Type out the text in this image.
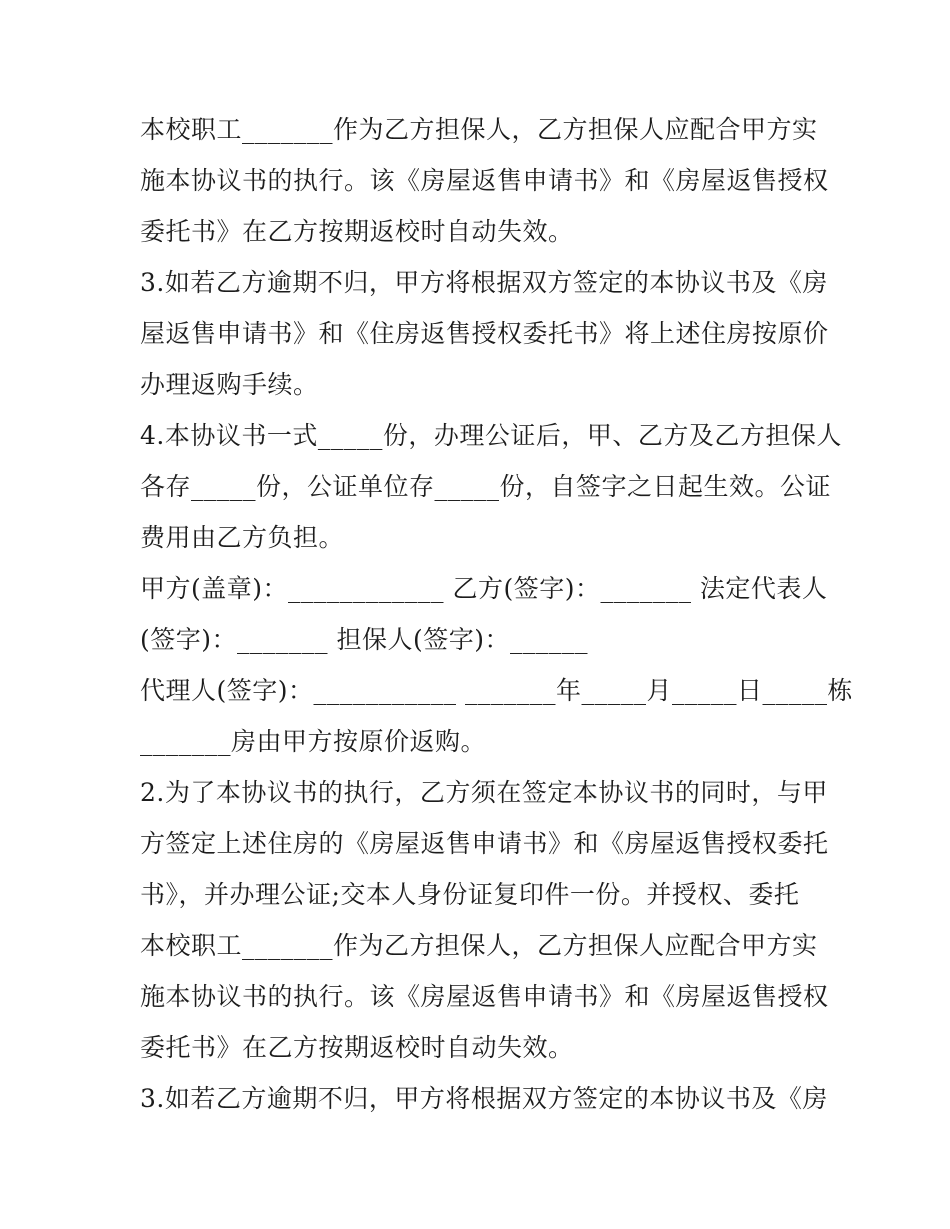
本校职工_______作为乙方担保人，乙方担保人应配合甲方实
施本协议书的执行。该《房屋返售申请书》和《房屋返售授权
委托书》在乙方按期返校时自动失效。
3.如若乙方逾期不归，甲方将根据双方签定的本协议书及《房
屋返售申请书》和《住房返售授权委托书》将上述住房按原价
办理返购手续。
4.本协议书一式_____份，办理公证后，甲、乙方及乙方担保人
各存_____份，公证单位存_____份，自签字之日起生效。公证
费用由乙方负担。
甲方(盖章)：____________ 乙方(签字)：_______ 法定代表人
(签字)：_______ 担保人(签字)：______
代理人(签字)：___________ _______年_____月_____日_____栋
_______房由甲方按原价返购。
2.为了本协议书的执行，乙方须在签定本协议书的同时，与甲
方签定上述住房的《房屋返售申请书》和《房屋返售授权委托
书》，并办理公证;交本人身份证复印件一份。并授权、委托
本校职工_______作为乙方担保人，乙方担保人应配合甲方实
施本协议书的执行。该《房屋返售申请书》和《房屋返售授权
委托书》在乙方按期返校时自动失效。
3.如若乙方逾期不归，甲方将根据双方签定的本协议书及《房
